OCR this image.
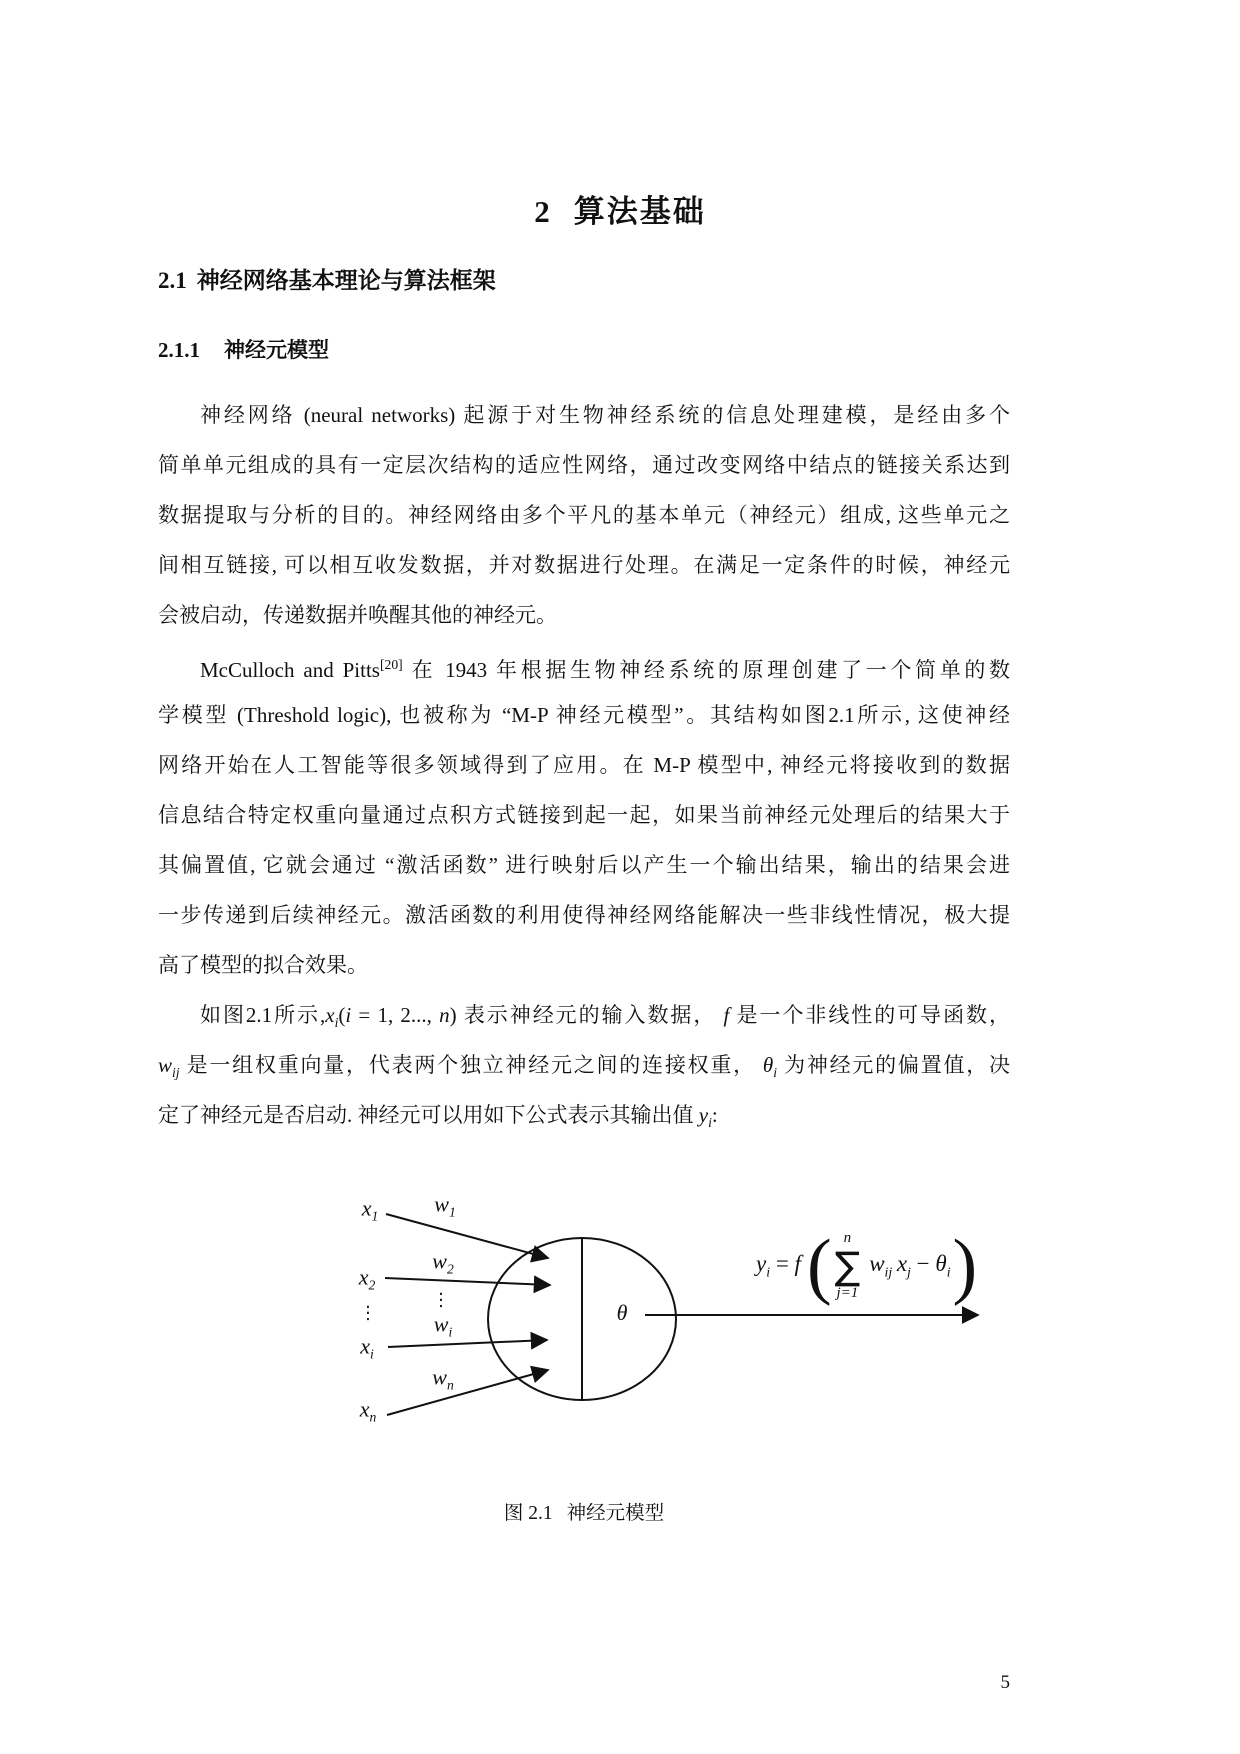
2 算法基础
2.1 神经网络基本理论与算法框架
2.1.1 神经元模型
神经网络 (neural networks) 起源于对生物神经系统的信息处理建模，是经由多个
简单单元组成的具有一定层次结构的适应性网络，通过改变网络中结点的链接关系达到
数据提取与分析的目的。神经网络由多个平凡的基本单元（神经元）组成, 这些单元之
间相互链接, 可以相互收发数据，并对数据进行处理。在满足一定条件的时候，神经元
会被启动，传递数据并唤醒其他的神经元。
McCulloch and Pitts[20] 在 1943 年根据生物神经系统的原理创建了一个简单的数
学模型 (Threshold logic), 也被称为 “M-P 神经元模型”。其结构如图2.1所示, 这使神经
网络开始在人工智能等很多领域得到了应用。在 M-P 模型中, 神经元将接收到的数据
信息结合特定权重向量通过点积方式链接到起一起，如果当前神经元处理后的结果大于
其偏置值, 它就会通过 “激活函数” 进行映射后以产生一个输出结果，输出的结果会进
一步传递到后续神经元。激活函数的利用使得神经网络能解决一些非线性情况，极大提
高了模型的拟合效果。
如图2.1所示$,x_i(i = 1$, 2..., n) 表示神经元的输入数据， f 是一个非线性的可导函数，
$w_{ij}$ 是一组权重向量，代表两个独立神经元之间的连接权重， $\theta_i$ 为神经元的偏置值，决
定了神经元是否启动. 神经元可以用如下公式表示其输出值 $y_i$:
$x_1$
$x_2$
⋮
$x_i$
$x_n$
$w_1$
$w_2$
⋮
$w_i$
$w_n$
θ
$y_i = f$ ( n
∑
j=1
$w_{ij}$  $x_j - \theta_i$ )
图 2.1 神经元模型
5
